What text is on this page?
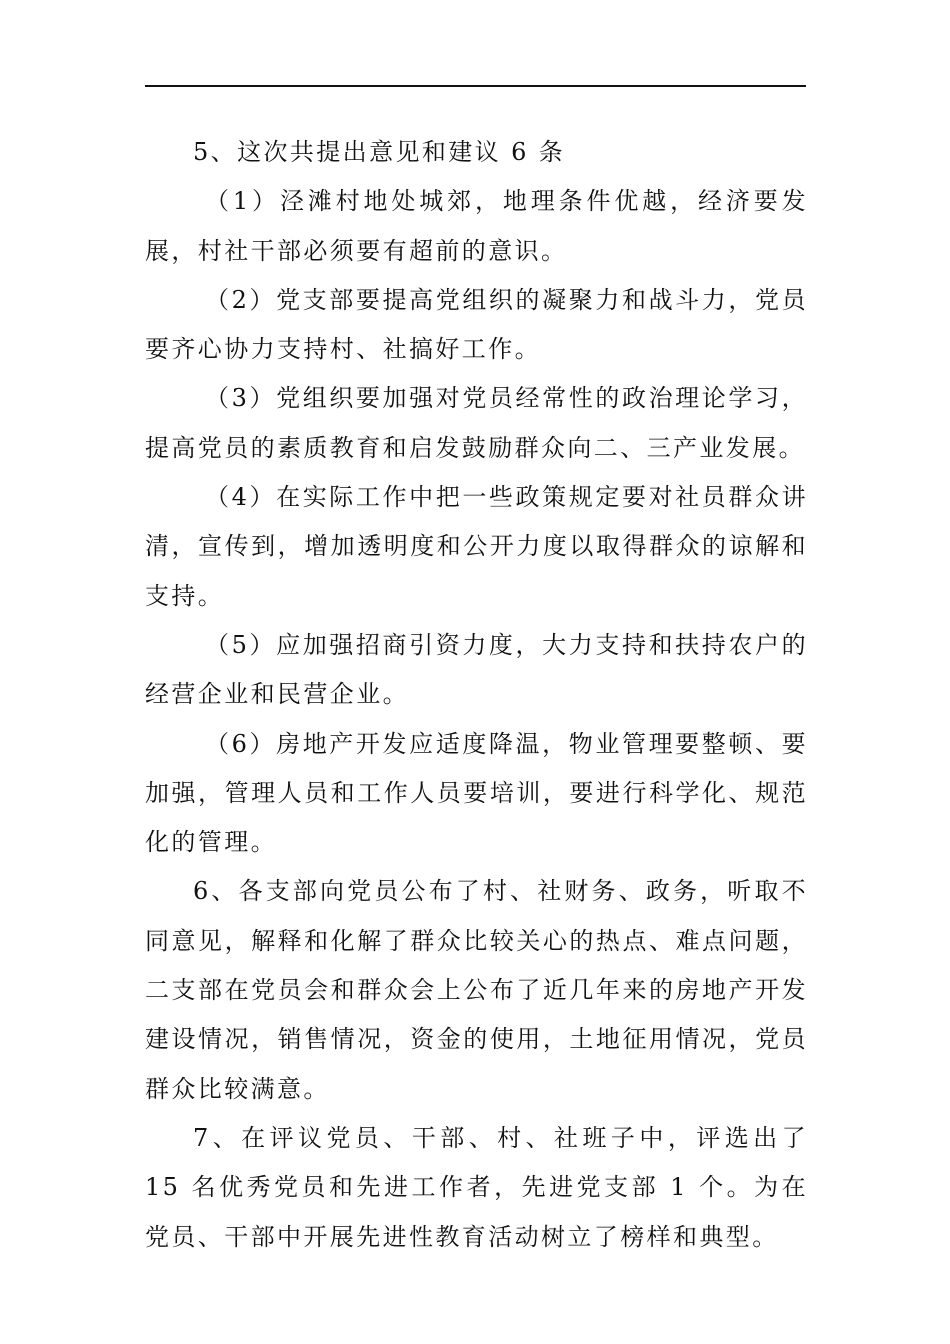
5、这次共提出意见和建议 6 条

（1）泾滩村地处城郊，地理条件优越，经济要发展，村社干部必须要有超前的意识。

（2）党支部要提高党组织的凝聚力和战斗力，党员要齐心协力支持村、社搞好工作。

（3）党组织要加强对党员经常性的政治理论学习，提高党员的素质教育和启发鼓励群众向二、三产业发展。

（4）在实际工作中把一些政策规定要对社员群众讲清，宣传到，增加透明度和公开力度以取得群众的谅解和支持。

（5）应加强招商引资力度，大力支持和扶持农户的经营企业和民营企业。

（6）房地产开发应适度降温，物业管理要整顿、要加强，管理人员和工作人员要培训，要进行科学化、规范化的管理。

6、各支部向党员公布了村、社财务、政务，听取不同意见，解释和化解了群众比较关心的热点、难点问题，二支部在党员会和群众会上公布了近几年来的房地产开发建设情况，销售情况，资金的使用，土地征用情况，党员群众比较满意。

7、在评议党员、干部、村、社班子中，评选出了 15 名优秀党员和先进工作者，先进党支部 1 个。为在党员、干部中开展先进性教育活动树立了榜样和典型。
